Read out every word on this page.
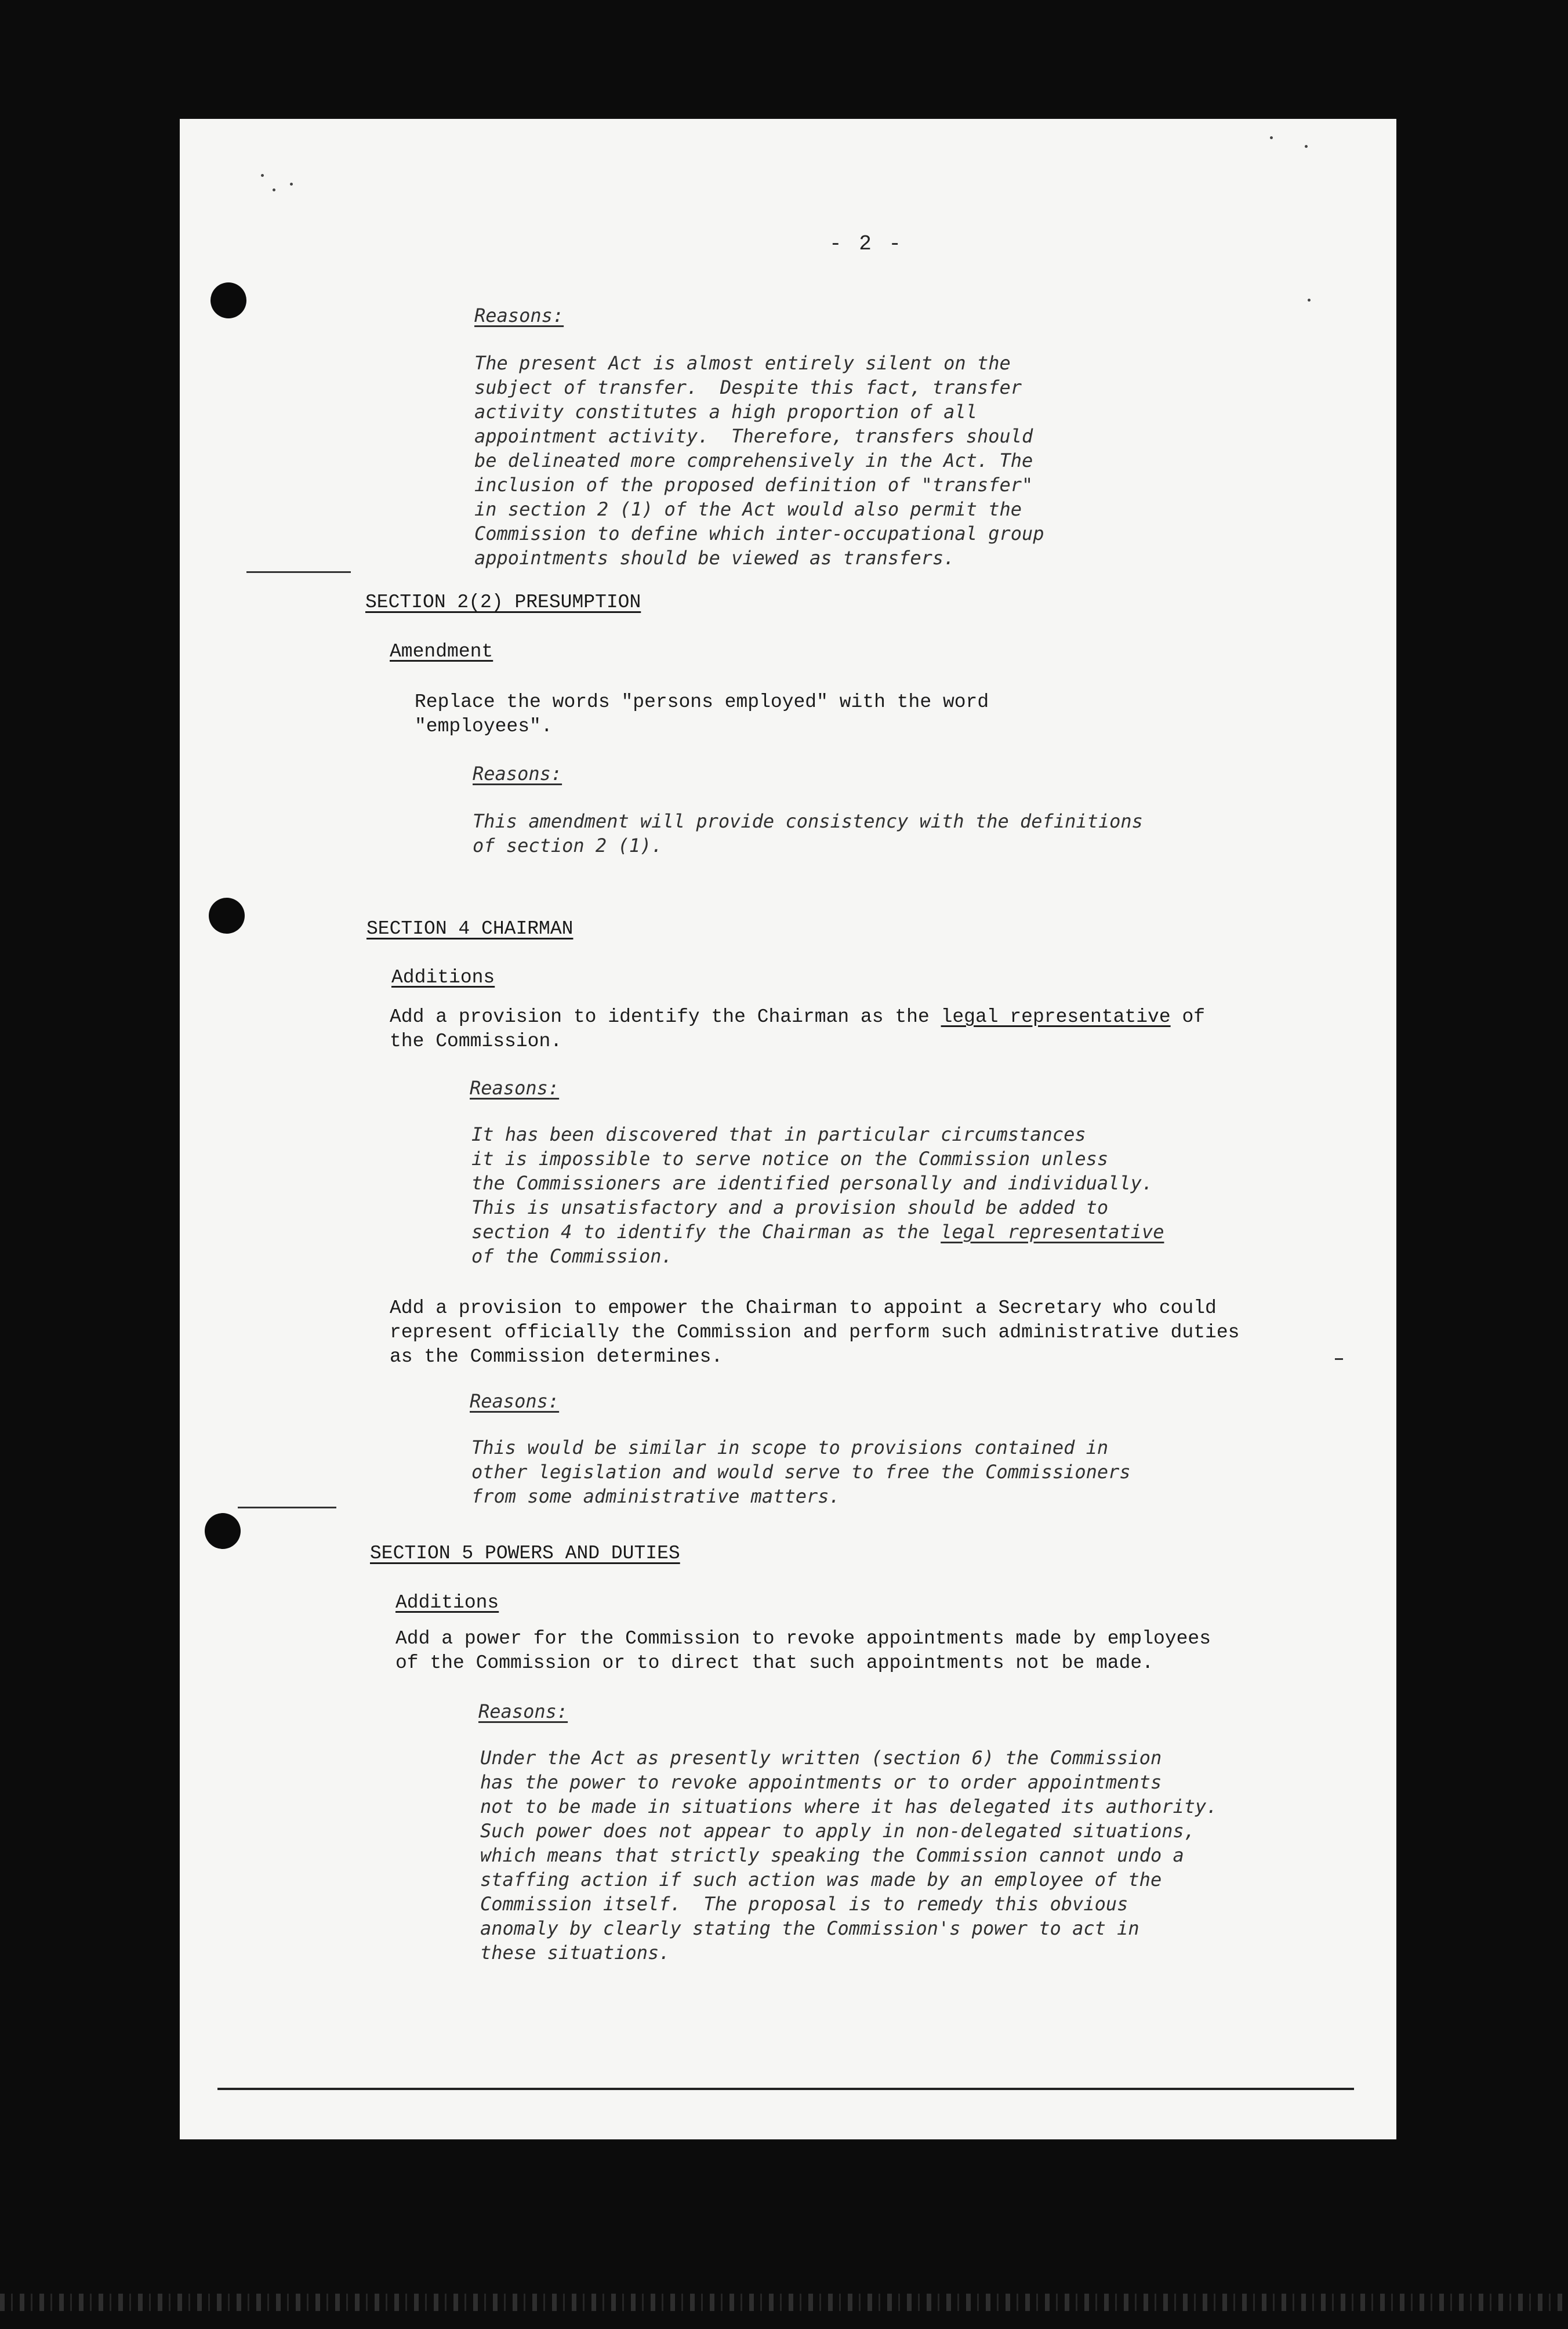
- 2 -
Reasons:
The present Act is almost entirely silent on the
subject of transfer.  Despite this fact, transfer
activity constitutes a high proportion of all
appointment activity.  Therefore, transfers should
be delineated more comprehensively in the Act. The
inclusion of the proposed definition of "transfer"
in section 2 (1) of the Act would also permit the
Commission to define which inter-occupational group
appointments should be viewed as transfers.
SECTION 2(2) PRESUMPTION
Amendment
Replace the words "persons employed" with the word
"employees".
Reasons:
This amendment will provide consistency with the definitions
of section 2 (1).
SECTION 4 CHAIRMAN
Additions
Add a provision to identify the Chairman as the legal representative of
the Commission.
Reasons:
It has been discovered that in particular circumstances
it is impossible to serve notice on the Commission unless
the Commissioners are identified personally and individually.
This is unsatisfactory and a provision should be added to
section 4 to identify the Chairman as the legal representative
of the Commission.
Add a provision to empower the Chairman to appoint a Secretary who could
represent officially the Commission and perform such administrative duties
as the Commission determines.
Reasons:
This would be similar in scope to provisions contained in
other legislation and would serve to free the Commissioners
from some administrative matters.
SECTION 5 POWERS AND DUTIES
Additions
Add a power for the Commission to revoke appointments made by employees
of the Commission or to direct that such appointments not be made.
Reasons:
Under the Act as presently written (section 6) the Commission
has the power to revoke appointments or to order appointments
not to be made in situations where it has delegated its authority.
Such power does not appear to apply in non-delegated situations,
which means that strictly speaking the Commission cannot undo a
staffing action if such action was made by an employee of the
Commission itself.  The proposal is to remedy this obvious
anomaly by clearly stating the Commission's power to act in
these situations.
